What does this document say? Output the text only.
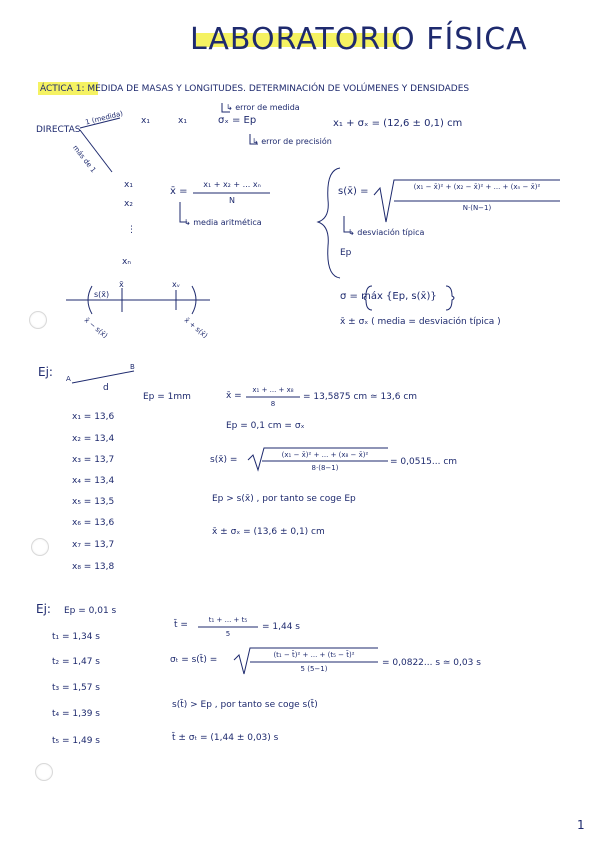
LABORATORIO FÍSICA
ÁCTICA 1: MEDIDA DE MASAS Y LONGITUDES. DETERMINACIÓN DE VOLÚMENES Y DENSIDADES
↳ error de medida
↳ error de precisión
DIRECTAS
1 (medida) x₁	x₁	σₓ = Ep	x₁ + σₓ = (12,6 ± 0,1) cm
más de 1
x₁
x₂
⋮
xₙ
x̄ =
x₁ + x₂ + ... xₙ
N
↳ media aritmética
s(x̄) =	(x₁ − x̄)² + (x₂ − x̄)² + ... + (xₙ − x̄)²
N·(N−1)
↳ desviación típica
Ep
s(x̄)
x̄	xᵥ
x̄ − s(x̄)	x̄ + s(x̄)
σ = máx {Ep, s(x̄)}
x̄ ± σₓ ( media = desviación típica )
Ej: A
B
d
Ep = 1mm
x₁ = 13,6
x₂ = 13,4
x₃ = 13,7
x₄ = 13,4
x₅ = 13,5
x₆ = 13,6
x₇ = 13,7
x₈ = 13,8
x̄ =
x₁ + ... + x₈
8
= 13,5875 cm ≃ 13,6 cm
Ep = 0,1 cm = σₓ
s(x̄) =	(x₁ − x̄)² + ... + (x₈ − x̄)²
8·(8−1)
= 0,0515... cm
Ep > s(x̄) , por tanto se coge Ep
x̄ ± σₓ = (13,6 ± 0,1) cm
Ej: Ep = 0,01 s
t₁ = 1,34 s
t₂ = 1,47 s
t₃ = 1,57 s
t₄ = 1,39 s
t₅ = 1,49 s
t̄ =	t₁ + ... + t₅
5
= 1,44 s
σₜ = s(t̄) =	(t₁ − t̄)² + ... + (t₅ − t̄)²
5 (5−1)
= 0,0822... s ≃ 0,03 s
s(t̄) > Ep , por tanto se coge s(t̄)
t̄ ± σₜ = (1,44 ± 0,03) s
1
